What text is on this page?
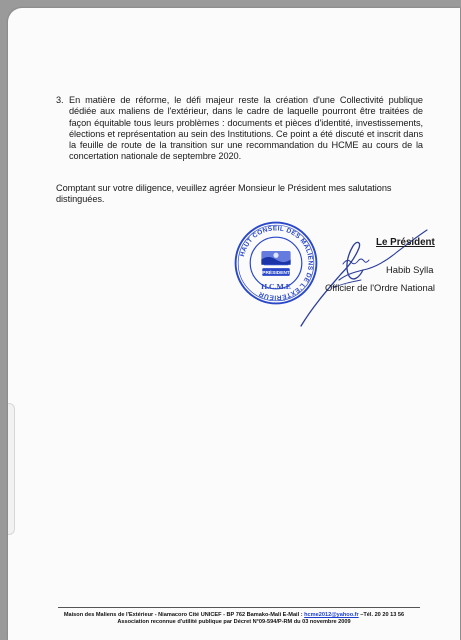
3. En matière de réforme, le défi majeur reste la création d'une Collectivité publique dédiée aux maliens de l'extérieur, dans le cadre de laquelle pourront être traitées de façon équitable tous leurs problèmes : documents et pièces d'identité, investissements, élections et représentation au sein des Institutions. Ce point a été discuté et inscrit dans la feuille de route de la transition sur une recommandation du HCME au cours de la concertation nationale de septembre 2020.
Comptant sur votre diligence, veuillez agréer Monsieur le Président mes salutations distinguées.
HAUT CONSEIL DES MALIENS DE L'EXTÉRIEUR
PRÉSIDENT
H.C.M.E
Le Président
Habib Sylla
Officier de l'Ordre National
Maison des Maliens de l'Extérieur - Niamacoro Cité UNICEF - BP 762 Bamako-Mali E-Mail : hcme2012@yahoo.fr –Tél. 20 20 13 56
Association reconnue d'utilité publique par Décret N°09-594/P-RM du 03 novembre 2009
